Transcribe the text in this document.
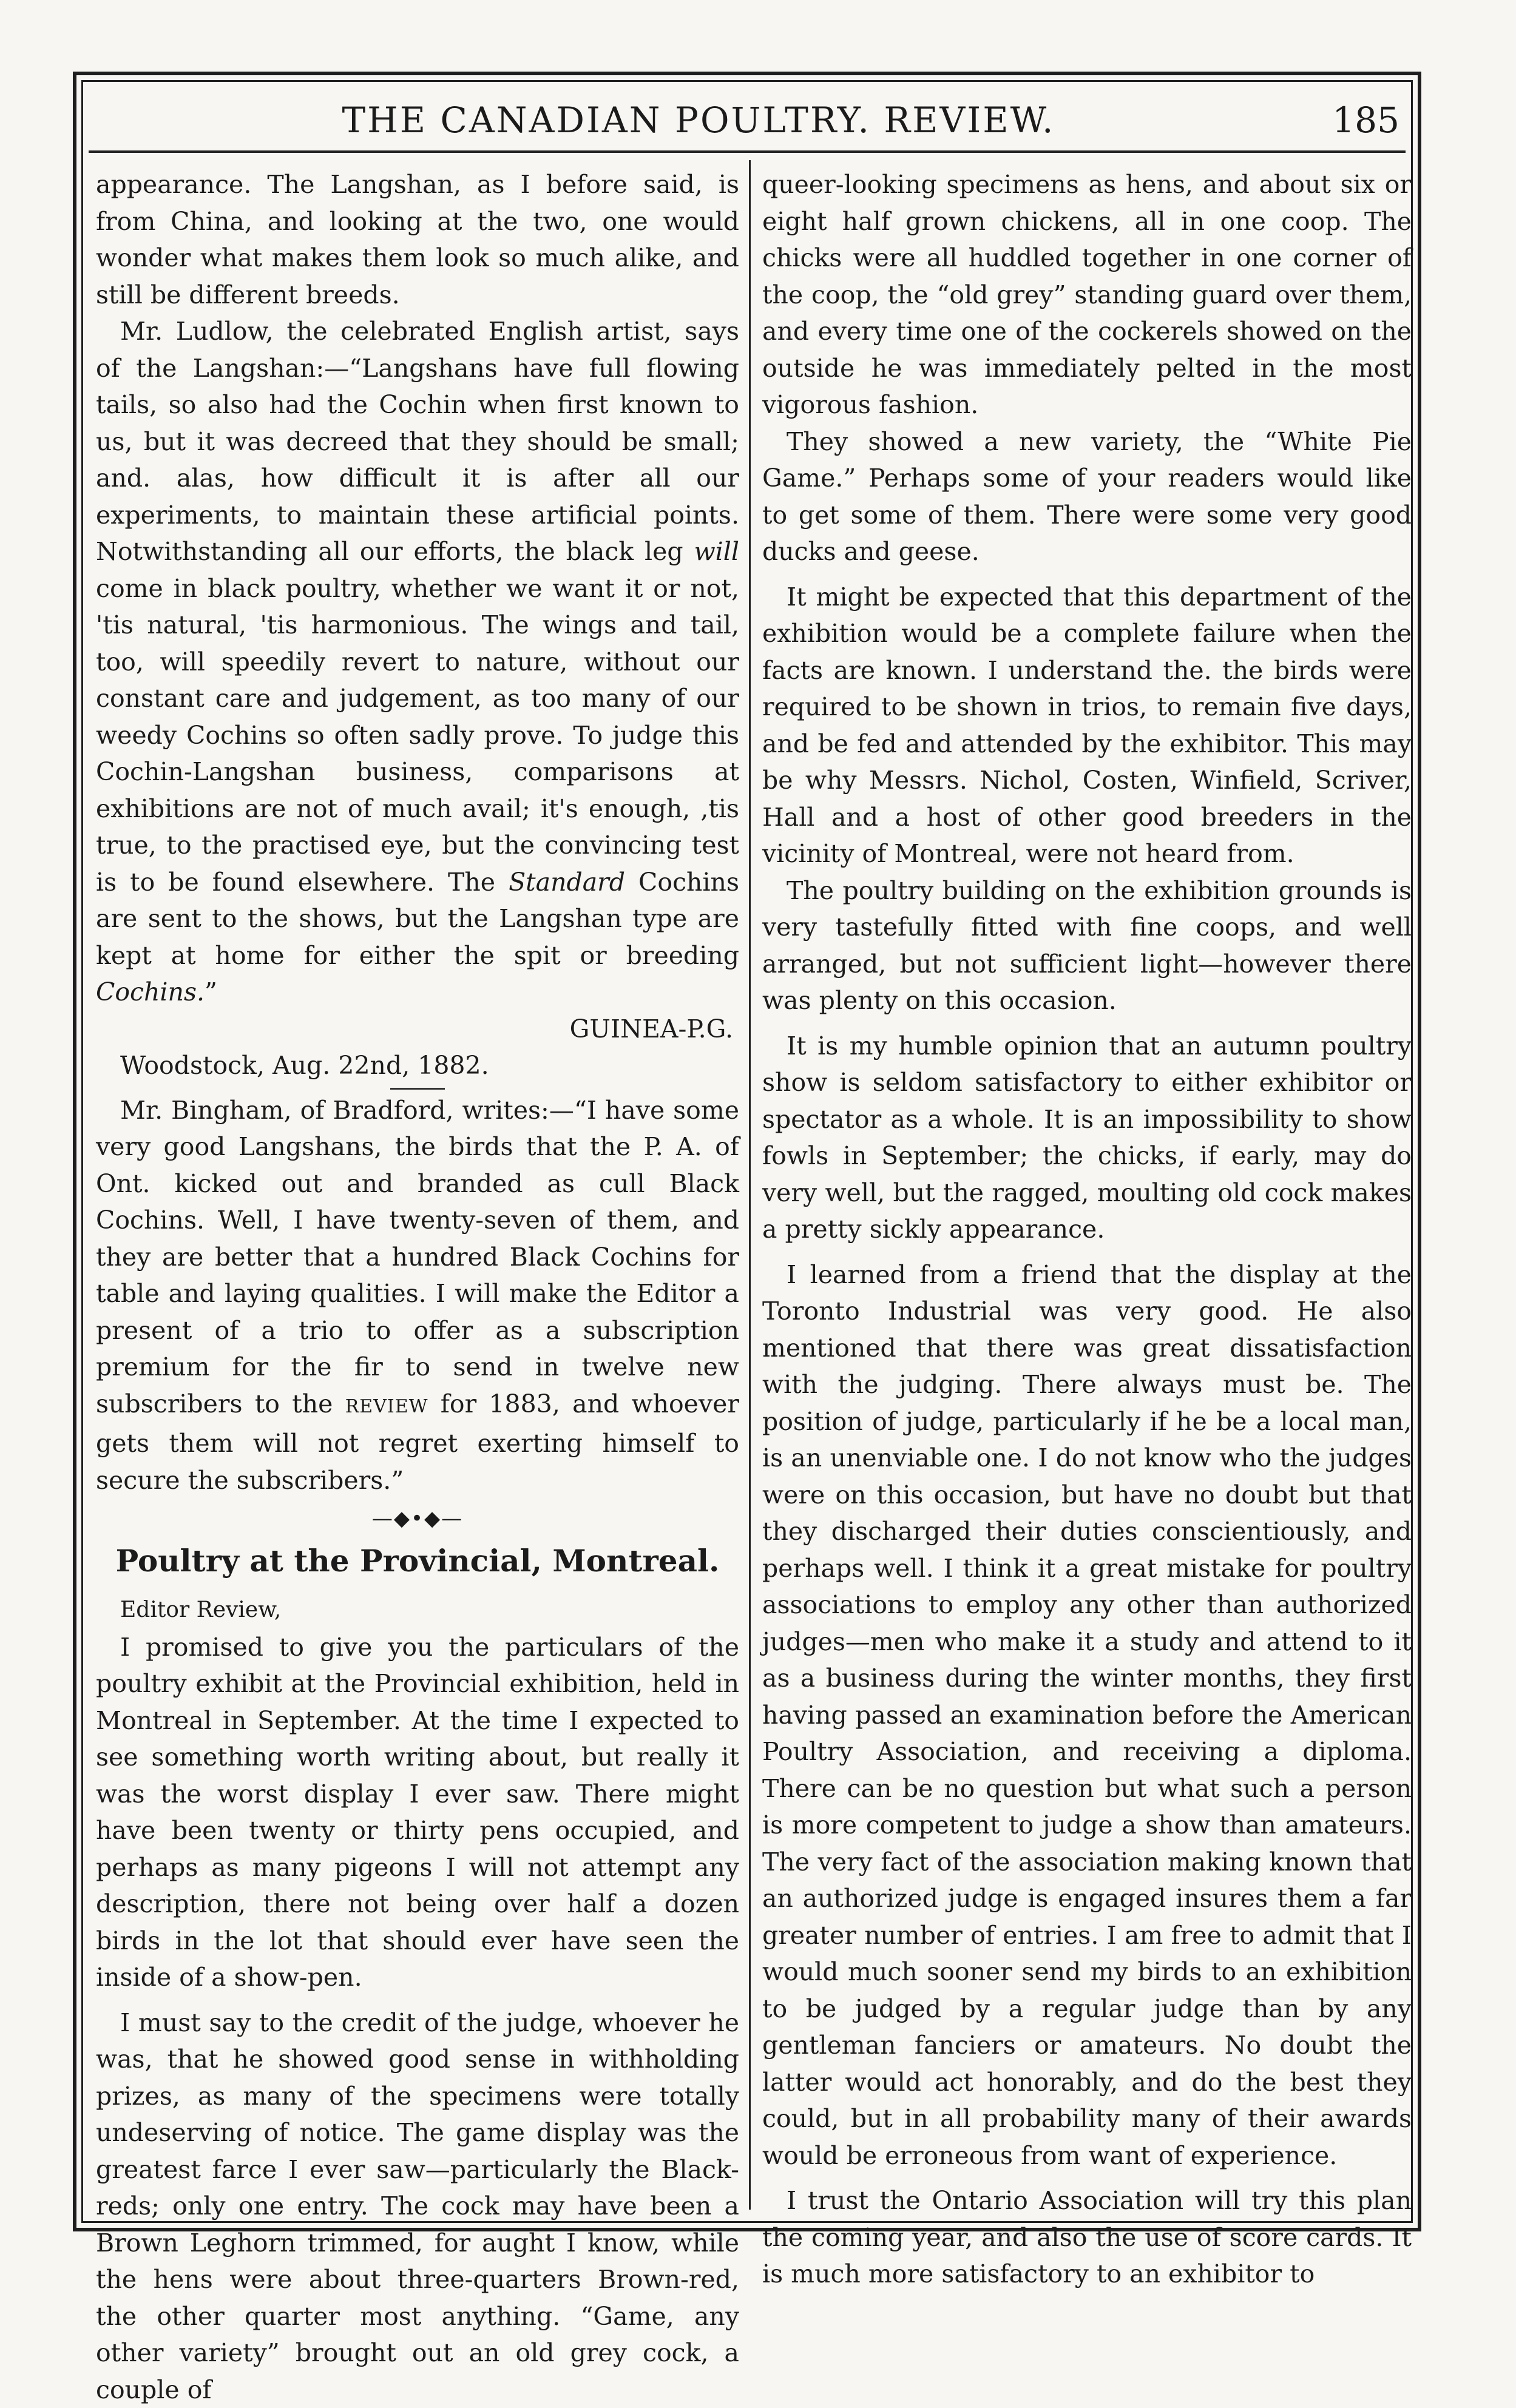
THE CANADIAN POULTRY. REVIEW.	185

appearance. The Langshan, as I before said, is from China, and looking at the two, one would wonder what makes them look so much alike, and still be different breeds.

Mr. Ludlow, the celebrated English artist, says of the Langshan:—“Langshans have full flowing tails, so also had the Cochin when first known to us, but it was decreed that they should be small; and. alas, how difficult it is after all our experiments, to maintain these artificial points. Notwithstanding all our efforts, the black leg will come in black poultry, whether we want it or not, 'tis natural, 'tis harmonious. The wings and tail, too, will speedily revert to nature, without our constant care and judgement, as too many of our weedy Cochins so often sadly prove. To judge this Cochin-Langshan business, comparisons at exhibitions are not of much avail; it's enough, ,tis true, to the practised eye, but the convincing test is to be found elsewhere. The Standard Cochins are sent to the shows, but the Langshan type are kept at home for either the spit or breeding Cochins.”

GUINEA-P.G.

Woodstock, Aug. 22nd, 1882.

Mr. Bingham, of Bradford, writes:—“I have some very good Langshans, the birds that the P. A. of Ont. kicked out and branded as cull Black Cochins. Well, I have twenty-seven of them, and they are better that a hundred Black Cochins for table and laying qualities. I will make the Editor a present of a trio to offer as a subscription premium for the fir to send in twelve new subscribers to the REVIEW for 1883, and whoever gets them will not regret exerting himself to secure the subscribers.”

—◆•◆—
Poultry at the Provincial, Montreal.

Editor Review,

I promised to give you the particulars of the poultry exhibit at the Provincial exhibition, held in Montreal in September. At the time I expected to see something worth writing about, but really it was the worst display I ever saw. There might have been twenty or thirty pens occupied, and perhaps as many pigeons I will not attempt any description, there not being over half a dozen birds in the lot that should ever have seen the inside of a show-pen.

I must say to the credit of the judge, whoever he was, that he showed good sense in withholding prizes, as many of the specimens were totally undeserving of notice. The game display was the greatest farce I ever saw—particularly the Black-reds; only one entry. The cock may have been a Brown Leghorn trimmed, for aught I know, while the hens were about three-quarters Brown-red, the other quarter most anything. “Game, any other variety” brought out an old grey cock, a couple of

queer-looking specimens as hens, and about six or eight half grown chickens, all in one coop. The chicks were all huddled together in one corner of the coop, the “old grey” standing guard over them, and every time one of the cockerels showed on the outside he was immediately pelted in the most vigorous fashion.

They showed a new variety, the “White Pie Game.” Perhaps some of your readers would like to get some of them. There were some very good ducks and geese.

It might be expected that this department of the exhibition would be a complete failure when the facts are known. I understand the. the birds were required to be shown in trios, to remain five days, and be fed and attended by the exhibitor. This may be why Messrs. Nichol, Costen, Winfield, Scriver, Hall and a host of other good breeders in the vicinity of Montreal, were not heard from.

The poultry building on the exhibition grounds is very tastefully fitted with fine coops, and well arranged, but not sufficient light—however there was plenty on this occasion.

It is my humble opinion that an autumn poultry show is seldom satisfactory to either exhibitor or spectator as a whole. It is an impossibility to show fowls in September; the chicks, if early, may do very well, but the ragged, moulting old cock makes a pretty sickly appearance.

I learned from a friend that the display at the Toronto Industrial was very good. He also mentioned that there was great dissatisfaction with the judging. There always must be. The position of judge, particularly if he be a local man, is an unenviable one. I do not know who the judges were on this occasion, but have no doubt but that they discharged their duties conscientiously, and perhaps well. I think it a great mistake for poultry associations to employ any other than authorized judges—men who make it a study and attend to it as a business during the winter months, they first having passed an examination before the American Poultry Association, and receiving a diploma. There can be no question but what such a person is more competent to judge a show than amateurs. The very fact of the association making known that an authorized judge is engaged insures them a far greater number of entries. I am free to admit that I would much sooner send my birds to an exhibition to be judged by a regular judge than by any gentleman fanciers or amateurs. No doubt the latter would act honorably, and do the best they could, but in all probability many of their awards would be erroneous from want of experience.

I trust the Ontario Association will try this plan the coming year, and also the use of score cards. It is much more satisfactory to an exhibitor to
